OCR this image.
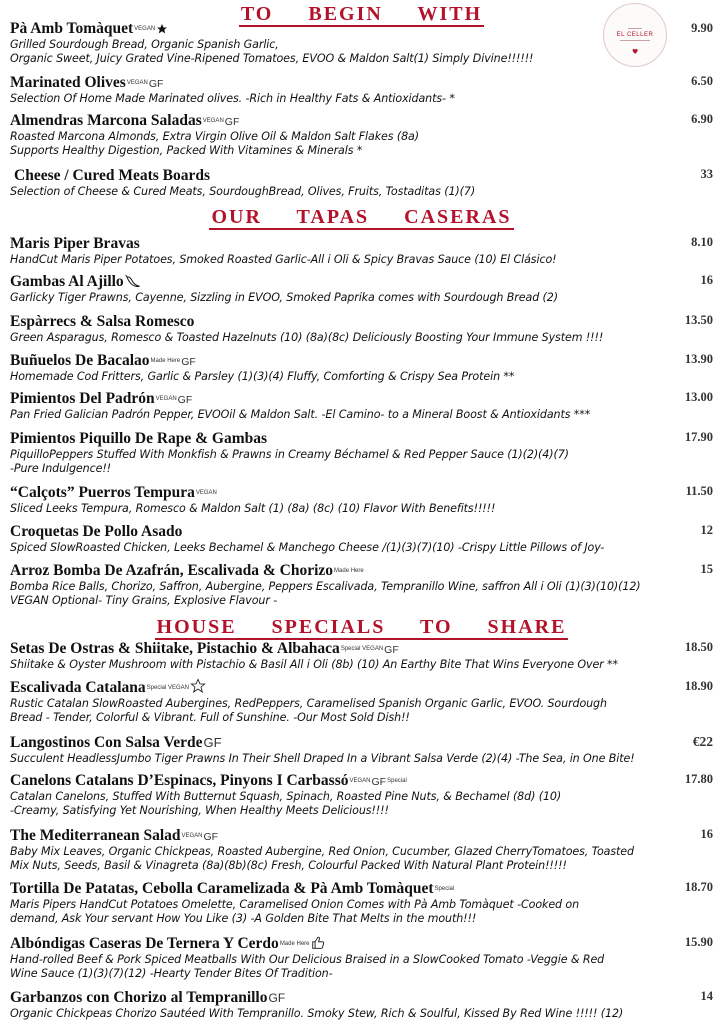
EL CELLER
♥
TO BEGIN WITH
OUR TAPAS CASERAS
HOUSE SPECIALS TO SHARE
Pà Amb TomàquetVEGAN	9.90
Grilled Sourdough Bread, Organic Spanish Garlic,
Organic Sweet, Juicy Grated Vine-Ripened Tomatoes, EVOO & Maldon Salt(1) Simply Divine!!!!!!
Marinated OlivesVEGANGF	6.50
Selection Of Home Made Marinated olives. -Rich in Healthy Fats & Antioxidants- *
Almendras Marcona SaladasVEGANGF	6.90
Roasted Marcona Almonds, Extra Virgin Olive Oil & Maldon Salt Flakes (8a)
Supports Healthy Digestion, Packed With Vitamines & Minerals *
Cheese / Cured Meats Boards	33
Selection of Cheese & Cured Meats, SourdoughBread, Olives, Fruits, Tostaditas (1)(7)
Maris Piper Bravas	8.10
HandCut Maris Piper Potatoes, Smoked Roasted Garlic-All i Oli & Spicy Bravas Sauce (10) El Clásico!
Gambas Al Ajillo	16
Garlicky Tiger Prawns, Cayenne, Sizzling in EVOO, Smoked Paprika comes with Sourdough Bread (2)
Espàrrecs & Salsa Romesco	13.50
Green Asparagus, Romesco & Toasted Hazelnuts (10) (8a)(8c) Deliciously Boosting Your Immune System !!!!
Buñuelos De BacalaoMade HereGF	13.90
Homemade Cod Fritters, Garlic & Parsley (1)(3)(4) Fluffy, Comforting & Crispy Sea Protein **
Pimientos Del PadrónVEGANGF	13.00
Pan Fried Galician Padrón Pepper, EVOOil & Maldon Salt. -El Camino- to a Mineral Boost & Antioxidants ***
Pimientos Piquillo De Rape & Gambas	17.90
PiquilloPeppers Stuffed With Monkfish & Prawns in Creamy Béchamel & Red Pepper Sauce (1)(2)(4)(7)
-Pure Indulgence!!
“Calçots” Puerros TempuraVEGAN	11.50
Sliced Leeks Tempura, Romesco & Maldon Salt (1) (8a) (8c) (10) Flavor With Benefits!!!!!
Croquetas De Pollo Asado	12
Spiced SlowRoasted Chicken, Leeks Bechamel & Manchego Cheese /(1)(3)(7)(10) -Crispy Little Pillows of Joy-
Arroz Bomba De Azafrán, Escalivada & ChorizoMade Here	15
Bomba Rice Balls, Chorizo, Saffron, Aubergine, Peppers Escalivada, Tempranillo Wine, saffron All i Oli (1)(3)(10)(12)
VEGAN Optional- Tiny Grains, Explosive Flavour -
Setas De Ostras & Shiitake, Pistachio & AlbahacaSpecial VEGANGF	18.50
Shiitake & Oyster Mushroom with Pistachio & Basil All i Oli (8b) (10) An Earthy Bite That Wins Everyone Over **
Escalivada CatalanaSpecial VEGAN	18.90
Rustic Catalan SlowRoasted Aubergines, RedPeppers, Caramelised Spanish Organic Garlic, EVOO. Sourdough
Bread - Tender, Colorful & Vibrant. Full of Sunshine. -Our Most Sold Dish!!
Langostinos Con Salsa VerdeGF	€22
Succulent HeadlessJumbo Tiger Prawns In Their Shell Draped In a Vibrant Salsa Verde (2)(4) -The Sea, in One Bite!
Canelons Catalans D’Espinacs, Pinyons I CarbassóVEGANGFSpecial	17.80
Catalan Canelons, Stuffed With Butternut Squash, Spinach, Roasted Pine Nuts, & Bechamel (8d) (10)
-Creamy, Satisfying Yet Nourishing, When Healthy Meets Delicious!!!!
The Mediterranean SaladVEGANGF	16
Baby Mix Leaves, Organic Chickpeas, Roasted Aubergine, Red Onion, Cucumber, Glazed CherryTomatoes, Toasted
Mix Nuts, Seeds, Basil & Vinagreta (8a)(8b)(8c) Fresh, Colourful Packed With Natural Plant Protein!!!!!
Tortilla De Patatas, Cebolla Caramelizada & Pà Amb TomàquetSpecial	18.70
Maris Pipers HandCut Potatoes Omelette, Caramelised Onion Comes with Pà Amb Tomàquet -Cooked on
demand, Ask Your servant How You Like (3) -A Golden Bite That Melts in the mouth!!!
Albóndigas Caseras De Ternera Y CerdoMade Here	15.90
Hand-rolled Beef & Pork Spiced Meatballs With Our Delicious Braised in a SlowCooked Tomato -Veggie & Red
Wine Sauce (1)(3)(7)(12) -Hearty Tender Bites Of Tradition-
Garbanzos con Chorizo al TempranilloGF	14
Organic Chickpeas Chorizo Sautéed With Tempranillo. Smoky Stew, Rich & Soulful, Kissed By Red Wine !!!!! (12)
